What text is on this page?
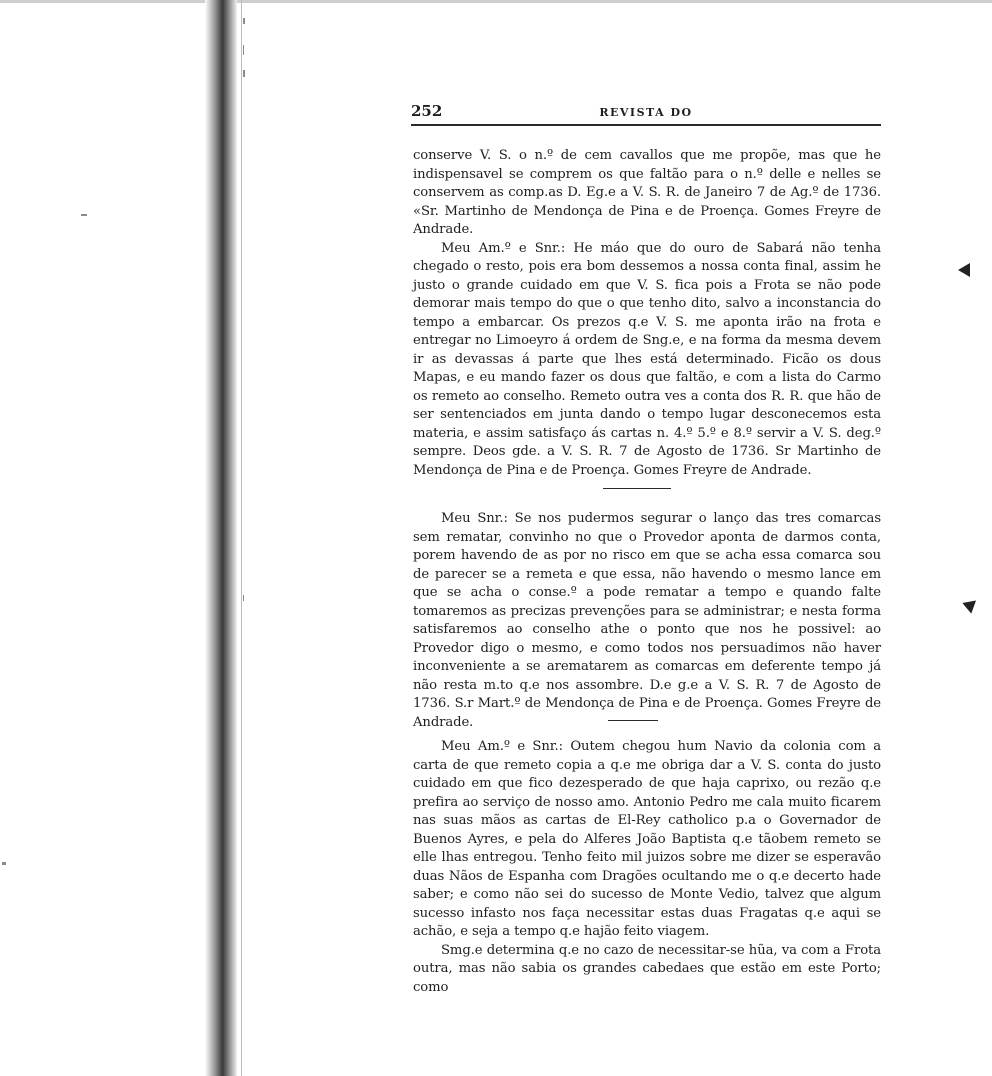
252	REVISTA DO

conserve V. S. o n.º de cem cavallos que me propõe, mas que he indispensavel se comprem os que faltão para o n.º delle e nelles se conservem as comp.as D. Eg.e a V. S. R. de Janeiro 7 de Ag.º de 1736. «Sr. Martinho de Mendonça de Pina e de Proença. Gomes Freyre de Andrade.

Meu Am.º e Snr.: He máo que do ouro de Sabará não tenha chegado o resto, pois era bom dessemos a nossa conta final, assim he justo o grande cuidado em que V. S. fica pois a Frota se não pode demorar mais tempo do que o que tenho dito, salvo a inconstancia do tempo a embarcar. Os prezos q.e V. S. me aponta irão na frota e entregar no Limoeyro á ordem de Sng.e, e na forma da mesma devem ir as devassas á parte que lhes está determinado. Ficão os dous Mapas, e eu mando fazer os dous que faltão, e com a lista do Carmo os remeto ao conselho. Remeto outra ves a conta dos R. R. que hão de ser sentenciados em junta dando o tempo lugar desconecemos esta materia, e assim satisfaço ás cartas n. 4.º 5.º e 8.º servir a V. S. deg.º sempre. Deos gde. a V. S. R. 7 de Agosto de 1736. Sr Martinho de Mendonça de Pina e de Proença. Gomes Freyre de Andrade.

Meu Snr.: Se nos pudermos segurar o lanço das tres comarcas sem rematar, convinho no que o Provedor aponta de darmos conta, porem havendo de as por no risco em que se acha essa comarca sou de parecer se a remeta e que essa, não havendo o mesmo lance em que se acha o conse.º a pode rematar a tempo e quando falte tomaremos as precizas prevenções para se administrar; e nesta forma satisfaremos ao conselho athe o ponto que nos he possivel: ao Provedor digo o mesmo, e como todos nos persuadimos não haver inconveniente a se arematarem as comarcas em deferente tempo já não resta m.to q.e nos assombre. D.e g.e a V. S. R. 7 de Agosto de 1736. S.r Mart.º de Mendonça de Pina e de Proença. Gomes Freyre de Andrade.

Meu Am.º e Snr.: Outem chegou hum Navio da colonia com a carta de que remeto copia a q.e me obriga dar a V. S. conta do justo cuidado em que fico dezesperado de que haja caprixo, ou rezão q.e prefira ao serviço de nosso amo. Antonio Pedro me cala muito ficarem nas suas mãos as cartas de El-Rey catholico p.a o Governador de Buenos Ayres, e pela do Alferes João Baptista q.e tãobem remeto se elle lhas entregou. Tenho feito mil juizos sobre me dizer se esperavão duas Nãos de Espanha com Dragões ocultando me o q.e decerto hade saber; e como não sei do sucesso de Monte Vedio, talvez que algum sucesso infasto nos faça necessitar estas duas Fragatas q.e aqui se achão, e seja a tempo q.e hajão feito viagem.

Smg.e determina q.e no cazo de necessitar-se hũa, va com a Frota outra, mas não sabia os grandes cabedaes que estão em este Porto; como
